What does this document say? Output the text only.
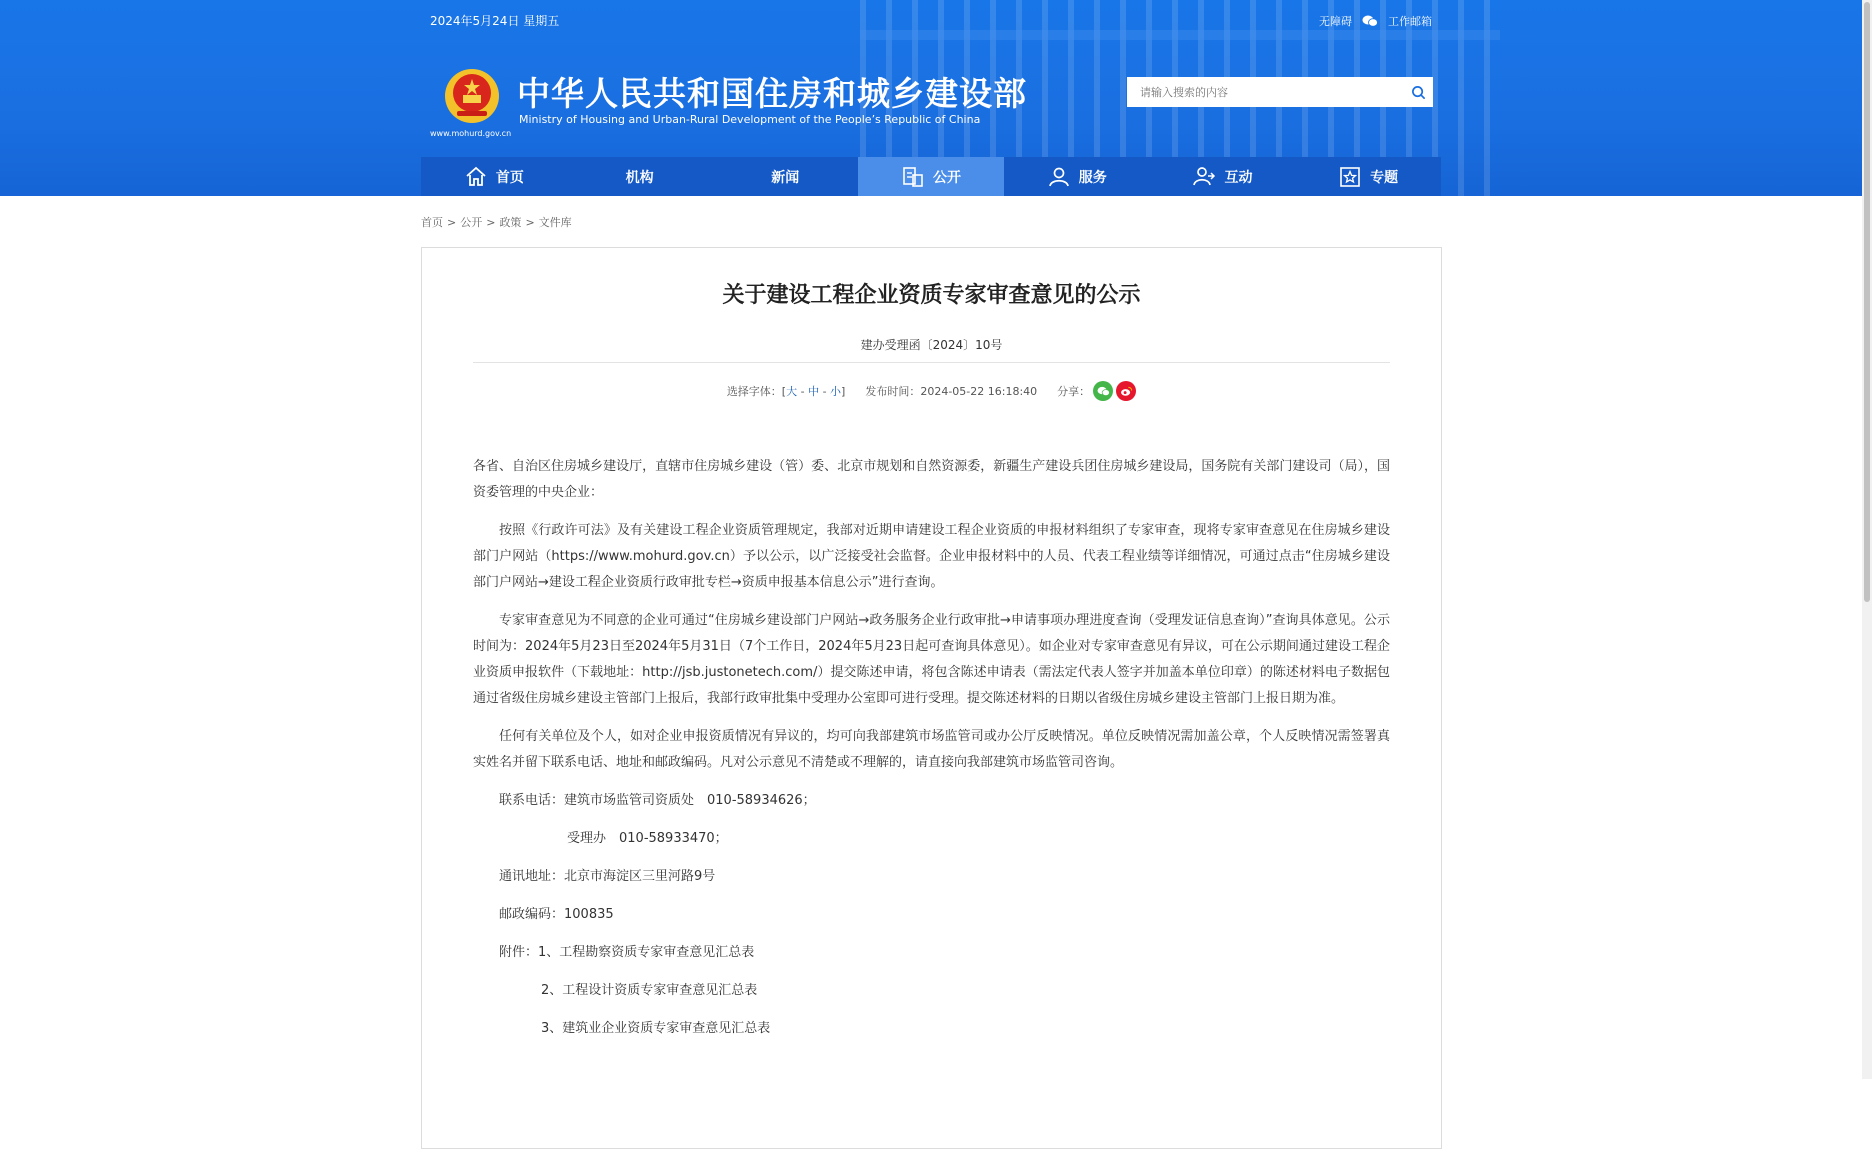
2024年5月24日 星期五	无障碍	工作邮箱
www.mohurd.gov.cn
中华人民共和国住房和城乡建设部
Ministry of Housing and Urban-Rural Development of the People’s Republic of China
请输入搜索的内容
首页	机构	新闻	公开	服务	互动	专题
首页 > 公开 > 政策 > 文件库
关于建设工程企业资质专家审查意见的公示
建办受理函〔2024〕10号
选择字体：[大 - 中 - 小] 发布时间：2024-05-22 16:18:40 分享：

各省、自治区住房城乡建设厅，直辖市住房城乡建设（管）委、北京市规划和自然资源委，新疆生产建设兵团住房城乡建设局，国务院有关部门建设司（局），国资委管理的中央企业：

按照《行政许可法》及有关建设工程企业资质管理规定，我部对近期申请建设工程企业资质的申报材料组织了专家审查，现将专家审查意见在住房城乡建设部门户网站（https://www.mohurd.gov.cn）予以公示，以广泛接受社会监督。企业申报材料中的人员、代表工程业绩等详细情况，可通过点击“住房城乡建设部门户网站→建设工程企业资质行政审批专栏→资质申报基本信息公示”进行查询。

专家审查意见为不同意的企业可通过“住房城乡建设部门户网站→政务服务企业行政审批→申请事项办理进度查询（受理发证信息查询）”查询具体意见。公示时间为：2024年5月23日至2024年5月31日（7个工作日，2024年5月23日起可查询具体意见）。如企业对专家审查意见有异议，可在公示期间通过建设工程企业资质申报软件（下载地址：http://jsb.justonetech.com/）提交陈述申请，将包含陈述申请表（需法定代表人签字并加盖本单位印章）的陈述材料电子数据包通过省级住房城乡建设主管部门上报后，我部行政审批集中受理办公室即可进行受理。提交陈述材料的日期以省级住房城乡建设主管部门上报日期为准。

任何有关单位及个人，如对企业申报资质情况有异议的，均可向我部建筑市场监管司或办公厅反映情况。单位反映情况需加盖公章，个人反映情况需签署真实姓名并留下联系电话、地址和邮政编码。凡对公示意见不清楚或不理解的，请直接向我部建筑市场监管司咨询。

联系电话：建筑市场监管司资质处　010-58934626；

受理办　010-58933470；

通讯地址：北京市海淀区三里河路9号

邮政编码：100835

附件：1、工程勘察资质专家审查意见汇总表

2、工程设计资质专家审查意见汇总表

3、建筑业企业资质专家审查意见汇总表
